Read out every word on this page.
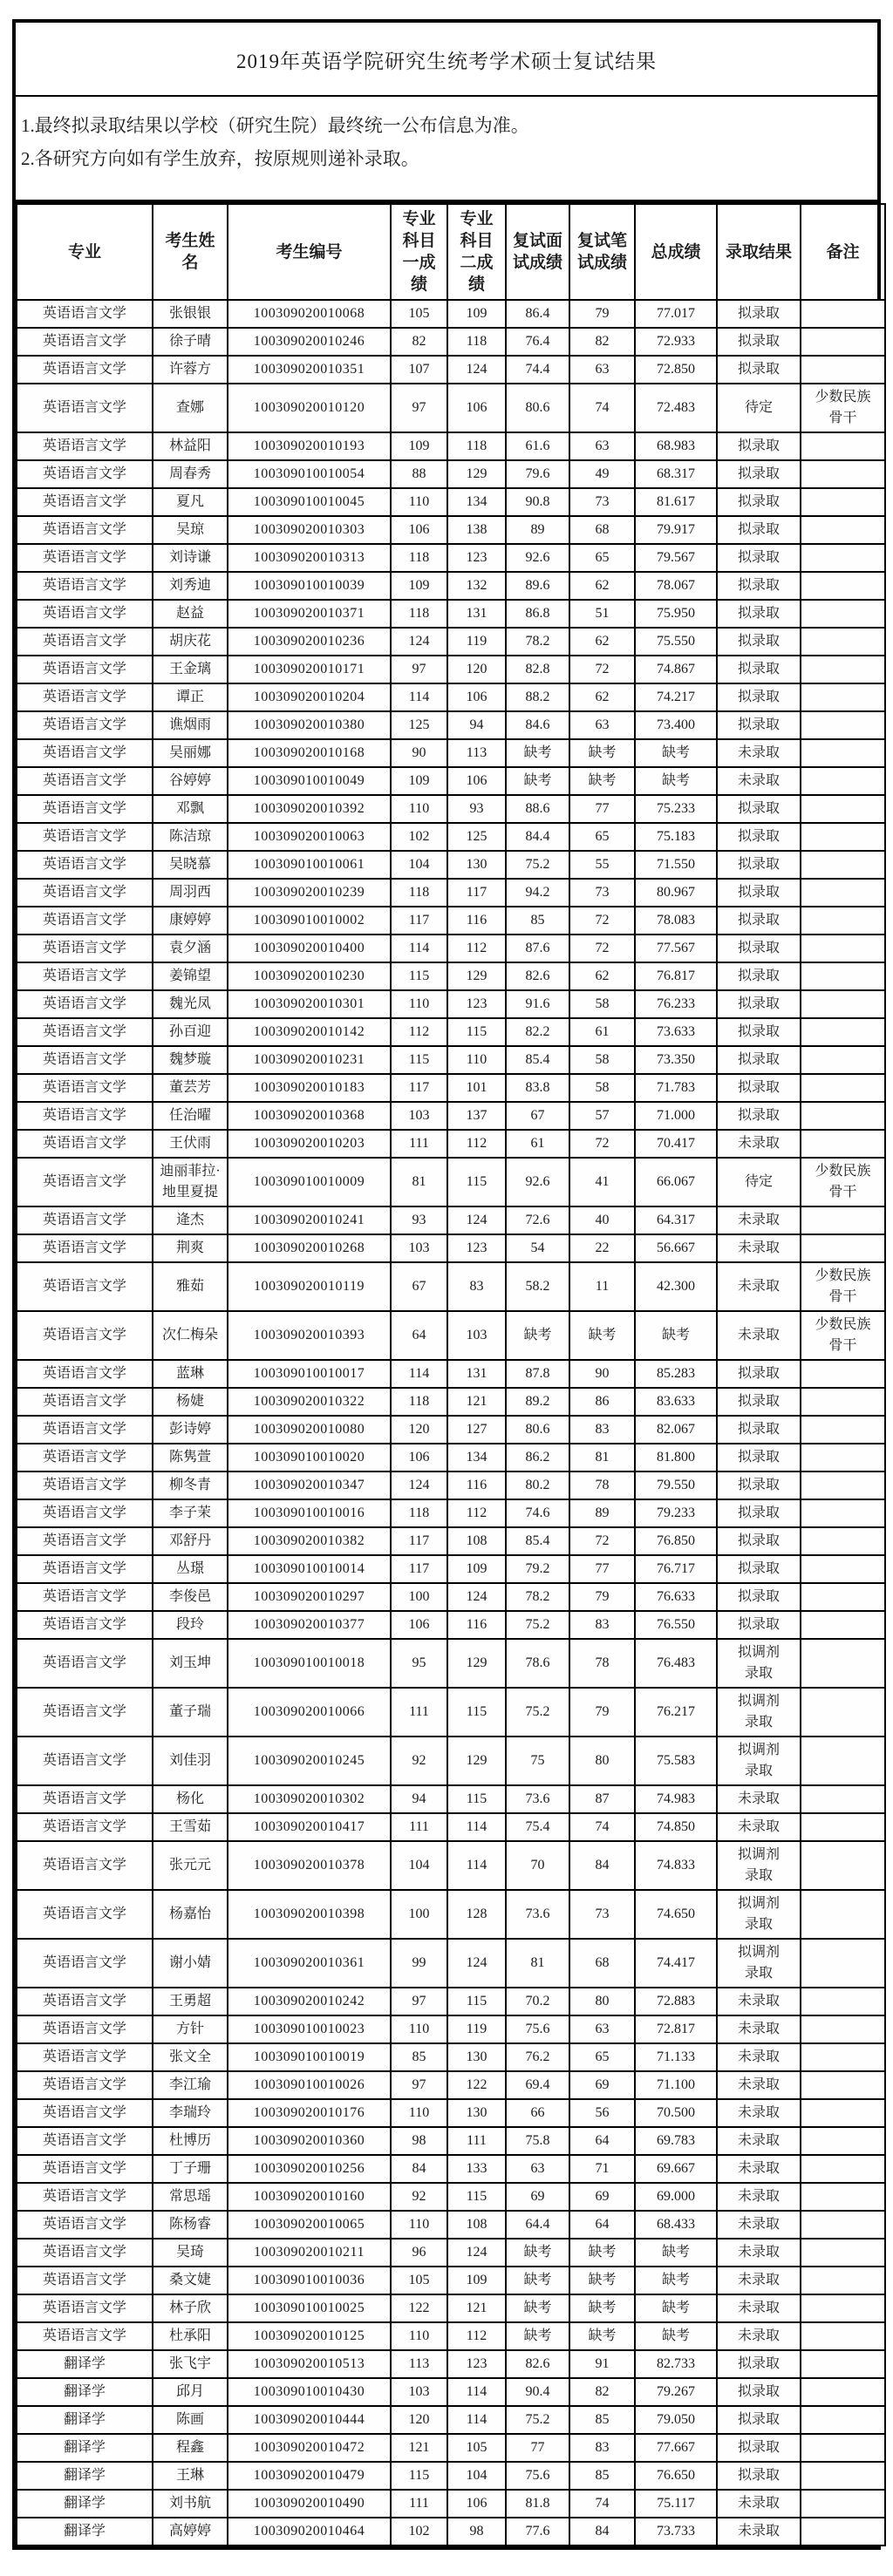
2019年英语学院研究生统考学术硕士复试结果
1.最终拟录取结果以学校（研究生院）最终统一公布信息为准。
2.各研究方向如有学生放弃，按原规则递补录取。
专业	考生姓名	考生编号	专业科目一成绩	专业科目二成绩	复试面试成绩	复试笔试成绩	总成绩	录取结果	备注
英语语言文学	张银银	100309020010068	105	109	86.4	79	77.017	拟录取	
英语语言文学	徐子晴	100309020010246	82	118	76.4	82	72.933	拟录取	
英语语言文学	许蓉方	100309020010351	107	124	74.4	63	72.850	拟录取	
英语语言文学	查娜	100309020010120	97	106	80.6	74	72.483	待定	少数民族骨干
英语语言文学	林益阳	100309020010193	109	118	61.6	63	68.983	拟录取	
英语语言文学	周春秀	100309010010054	88	129	79.6	49	68.317	拟录取	
英语语言文学	夏凡	100309010010045	110	134	90.8	73	81.617	拟录取	
英语语言文学	吴琼	100309020010303	106	138	89	68	79.917	拟录取	
英语语言文学	刘诗谦	100309020010313	118	123	92.6	65	79.567	拟录取	
英语语言文学	刘秀迪	100309010010039	109	132	89.6	62	78.067	拟录取	
英语语言文学	赵益	100309020010371	118	131	86.8	51	75.950	拟录取	
英语语言文学	胡庆花	100309020010236	124	119	78.2	62	75.550	拟录取	
英语语言文学	王金璃	100309020010171	97	120	82.8	72	74.867	拟录取	
英语语言文学	谭正	100309020010204	114	106	88.2	62	74.217	拟录取	
英语语言文学	谯烟雨	100309020010380	125	94	84.6	63	73.400	拟录取	
英语语言文学	吴丽娜	100309020010168	90	113	缺考	缺考	缺考	未录取	
英语语言文学	谷婷婷	100309010010049	109	106	缺考	缺考	缺考	未录取	
英语语言文学	邓飘	100309020010392	110	93	88.6	77	75.233	拟录取	
英语语言文学	陈洁琼	100309020010063	102	125	84.4	65	75.183	拟录取	
英语语言文学	吴晓慕	100309010010061	104	130	75.2	55	71.550	拟录取	
英语语言文学	周羽西	100309020010239	118	117	94.2	73	80.967	拟录取	
英语语言文学	康婷婷	100309010010002	117	116	85	72	78.083	拟录取	
英语语言文学	袁夕涵	100309020010400	114	112	87.6	72	77.567	拟录取	
英语语言文学	姜锦望	100309020010230	115	129	82.6	62	76.817	拟录取	
英语语言文学	魏光凤	100309020010301	110	123	91.6	58	76.233	拟录取	
英语语言文学	孙百迎	100309020010142	112	115	82.2	61	73.633	拟录取	
英语语言文学	魏梦璇	100309020010231	115	110	85.4	58	73.350	拟录取	
英语语言文学	董芸芳	100309020010183	117	101	83.8	58	71.783	拟录取	
英语语言文学	任治曜	100309020010368	103	137	67	57	71.000	拟录取	
英语语言文学	王伏雨	100309020010203	111	112	61	72	70.417	未录取	
英语语言文学	迪丽菲拉·地里夏提	100309010010009	81	115	92.6	41	66.067	待定	少数民族骨干
英语语言文学	逄杰	100309020010241	93	124	72.6	40	64.317	未录取	
英语语言文学	荆爽	100309020010268	103	123	54	22	56.667	未录取	
英语语言文学	雅茹	100309020010119	67	83	58.2	11	42.300	未录取	少数民族骨干
英语语言文学	次仁梅朵	100309020010393	64	103	缺考	缺考	缺考	未录取	少数民族骨干
英语语言文学	蓝琳	100309010010017	114	131	87.8	90	85.283	拟录取	
英语语言文学	杨婕	100309020010322	118	121	89.2	86	83.633	拟录取	
英语语言文学	彭诗婷	100309020010080	120	127	80.6	83	82.067	拟录取	
英语语言文学	陈隽萱	100309010010020	106	134	86.2	81	81.800	拟录取	
英语语言文学	柳冬青	100309020010347	124	116	80.2	78	79.550	拟录取	
英语语言文学	李子茉	100309010010016	118	112	74.6	89	79.233	拟录取	
英语语言文学	邓舒丹	100309020010382	117	108	85.4	72	76.850	拟录取	
英语语言文学	丛璟	100309010010014	117	109	79.2	77	76.717	拟录取	
英语语言文学	李俊邑	100309020010297	100	124	78.2	79	76.633	拟录取	
英语语言文学	段玲	100309020010377	106	116	75.2	83	76.550	拟录取	
英语语言文学	刘玉坤	100309010010018	95	129	78.6	78	76.483	拟调剂录取	
英语语言文学	董子瑞	100309020010066	111	115	75.2	79	76.217	拟调剂录取	
英语语言文学	刘佳羽	100309020010245	92	129	75	80	75.583	拟调剂录取	
英语语言文学	杨化	100309020010302	94	115	73.6	87	74.983	未录取	
英语语言文学	王雪茹	100309020010417	111	114	75.4	74	74.850	未录取	
英语语言文学	张元元	100309020010378	104	114	70	84	74.833	拟调剂录取	
英语语言文学	杨嘉怡	100309020010398	100	128	73.6	73	74.650	拟调剂录取	
英语语言文学	谢小婧	100309020010361	99	124	81	68	74.417	拟调剂录取	
英语语言文学	王勇超	100309020010242	97	115	70.2	80	72.883	未录取	
英语语言文学	方针	100309010010023	110	119	75.6	63	72.817	未录取	
英语语言文学	张文全	100309010010019	85	130	76.2	65	71.133	未录取	
英语语言文学	李江瑜	100309010010026	97	122	69.4	69	71.100	未录取	
英语语言文学	李瑞玲	100309020010176	110	130	66	56	70.500	未录取	
英语语言文学	杜博历	100309020010360	98	111	75.8	64	69.783	未录取	
英语语言文学	丁子珊	100309020010256	84	133	63	71	69.667	未录取	
英语语言文学	常思瑶	100309020010160	92	115	69	69	69.000	未录取	
英语语言文学	陈杨睿	100309020010065	110	108	64.4	64	68.433	未录取	
英语语言文学	吴琦	100309020010211	96	124	缺考	缺考	缺考	未录取	
英语语言文学	桑文婕	100309010010036	105	109	缺考	缺考	缺考	未录取	
英语语言文学	林子欣	100309010010025	122	121	缺考	缺考	缺考	未录取	
英语语言文学	杜承阳	100309020010125	110	112	缺考	缺考	缺考	未录取	
翻译学	张飞宇	100309020010513	113	123	82.6	91	82.733	拟录取	
翻译学	邱月	100309010010430	103	114	90.4	82	79.267	拟录取	
翻译学	陈画	100309020010444	120	114	75.2	85	79.050	拟录取	
翻译学	程鑫	100309020010472	121	105	77	83	77.667	拟录取	
翻译学	王琳	100309020010479	115	104	75.6	85	76.650	拟录取	
翻译学	刘书航	100309020010490	111	106	81.8	74	75.117	未录取	
翻译学	高婷婷	100309020010464	102	98	77.6	84	73.733	未录取	
